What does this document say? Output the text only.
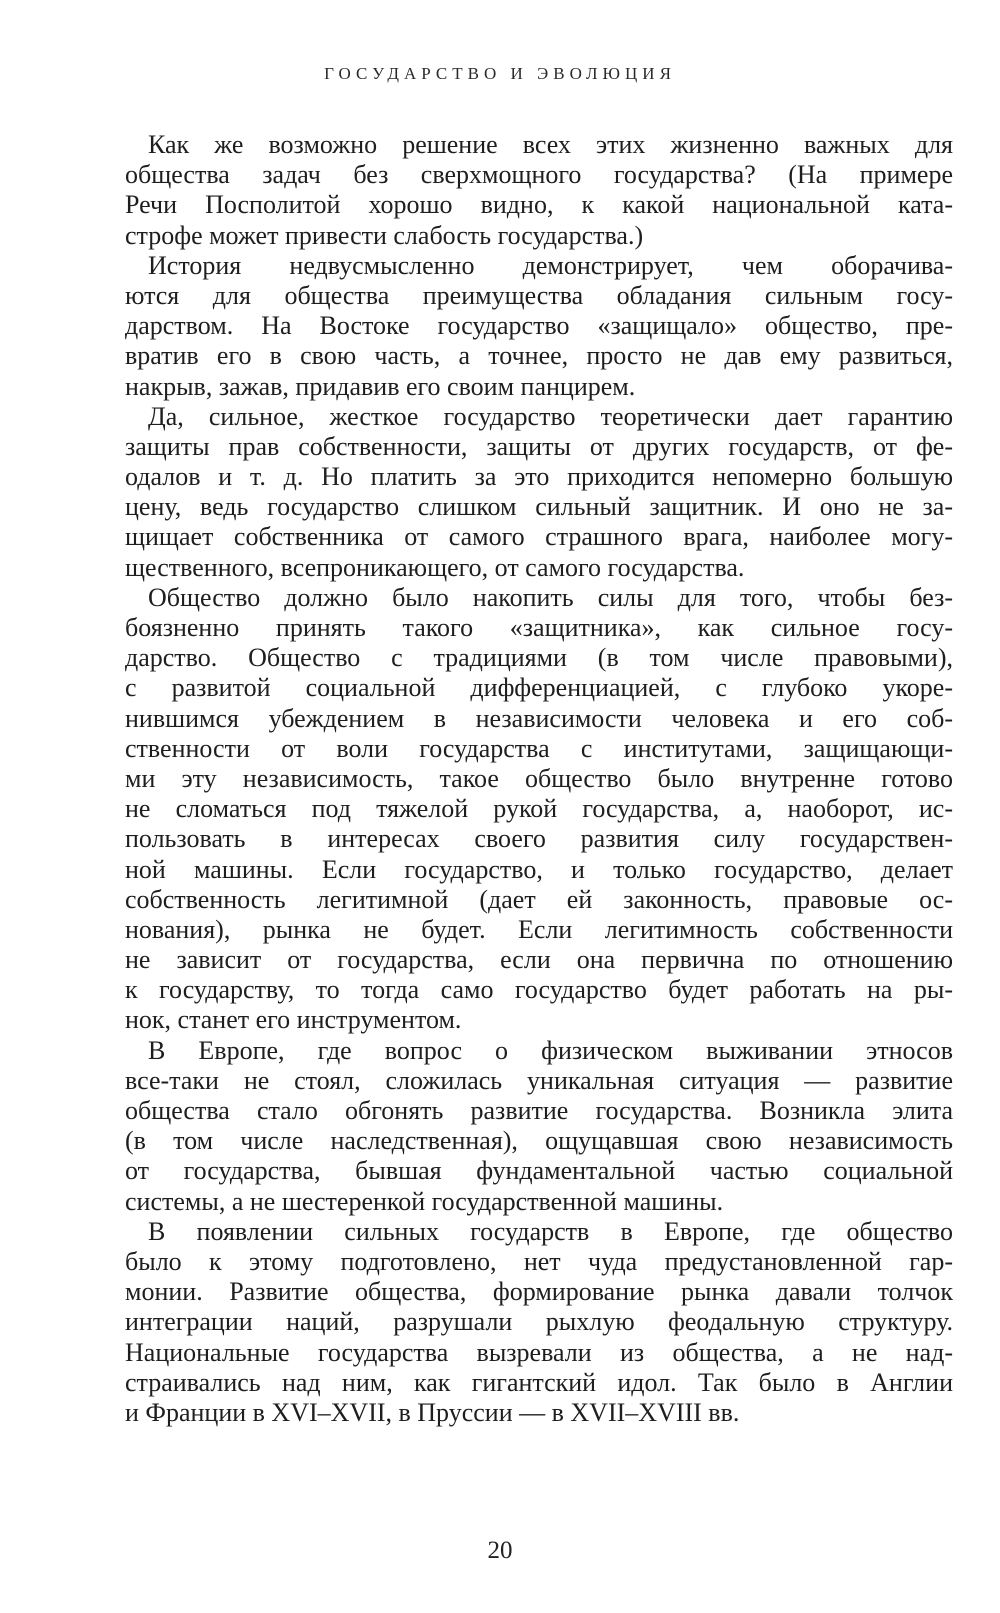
ГОСУДАРСТВО И ЭВОЛЮЦИЯ
Как же возможно решение всех этих жизненно важных для
общества задач без сверхмощного государства? (На примере
Речи Посполитой хорошо видно, к какой национальной ката-
строфе может привести слабость государства.)
История недвусмысленно демонстрирует, чем оборачива-
ются для общества преимущества обладания сильным госу-
дарством. На Востоке государство «защищало» общество, пре-
вратив его в свою часть, а точнее, просто не дав ему развиться,
накрыв, зажав, придавив его своим панцирем.
Да, сильное, жесткое государство теоретически дает гарантию
защиты прав собственности, защиты от других государств, от фе-
одалов и т. д. Но платить за это приходится непомерно большую
цену, ведь государство слишком сильный защитник. И оно не за-
щищает собственника от самого страшного врага, наиболее могу-
щественного, всепроникающего, от самого государства.
Общество должно было накопить силы для того, чтобы без-
боязненно принять такого «защитника», как сильное госу-
дарство. Общество с традициями (в том числе правовыми),
с развитой социальной дифференциацией, с глубоко укоре-
нившимся убеждением в независимости человека и его соб-
ственности от воли государства с институтами, защищающи-
ми эту независимость, такое общество было внутренне готово
не сломаться под тяжелой рукой государства, а, наоборот, ис-
пользовать в интересах своего развития силу государствен-
ной машины. Если государство, и только государство, делает
собственность легитимной (дает ей законность, правовые ос-
нования), рынка не будет. Если легитимность собственности
не зависит от государства, если она первична по отношению
к государству, то тогда само государство будет работать на ры-
нок, станет его инструментом.
В Европе, где вопрос о физическом выживании этносов
все-таки не стоял, сложилась уникальная ситуация — развитие
общества стало обгонять развитие государства. Возникла элита
(в том числе наследственная), ощущавшая свою независимость
от государства, бывшая фундаментальной частью социальной
системы, а не шестеренкой государственной машины.
В появлении сильных государств в Европе, где общество
было к этому подготовлено, нет чуда предустановленной гар-
монии. Развитие общества, формирование рынка давали толчок
интеграции наций, разрушали рыхлую феодальную структуру.
Национальные государства вызревали из общества, а не над-
страивались над ним, как гигантский идол. Так было в Англии
и Франции в XVI–XVII, в Пруссии — в XVII–XVIII вв.
20
